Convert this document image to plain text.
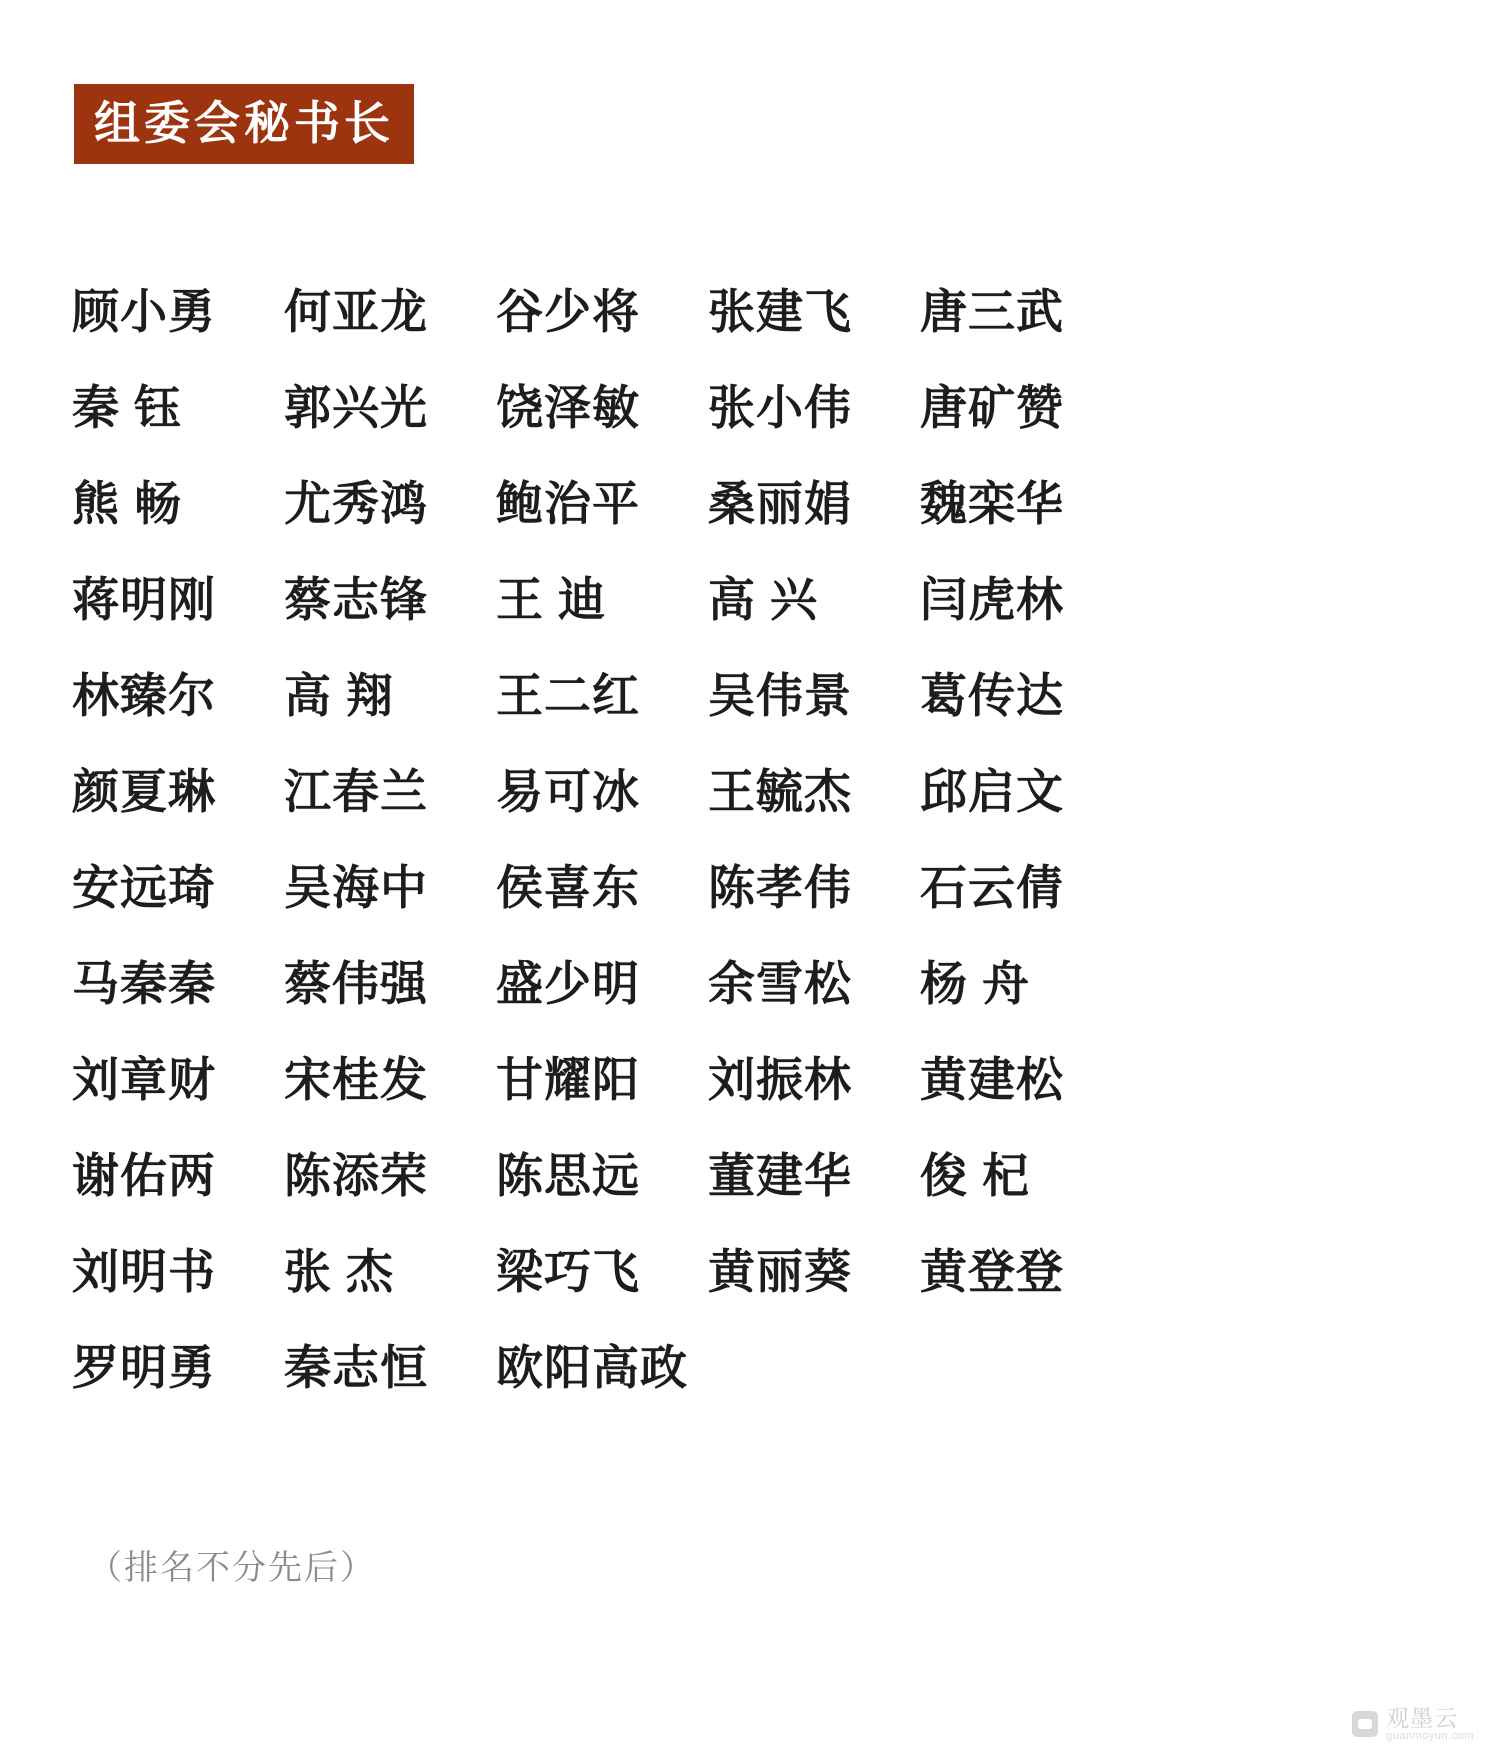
组委会秘书长
顾小勇	何亚龙	谷少将	张建飞	唐三武
秦 钰	郭兴光	饶泽敏	张小伟	唐矿赞
熊 畅	尤秀鸿	鲍治平	桑丽娟	魏栾华
蒋明刚	蔡志锋	王 迪	高 兴	闫虎林
林臻尔	高 翔	王二红	吴伟景	葛传达
颜夏琳	江春兰	易可冰	王毓杰	邱启文
安远琦	吴海中	侯喜东	陈孝伟	石云倩
马秦秦	蔡伟强	盛少明	余雪松	杨 舟
刘章财	宋桂发	甘耀阳	刘振林	黄建松
谢佑两	陈添荣	陈思远	董建华	俊 杞
刘明书	张 杰	梁巧飞	黄丽葵	黄登登
罗明勇	秦志恒	欧阳高政
（排名不分先后）
观墨云
guanmoyun.com
